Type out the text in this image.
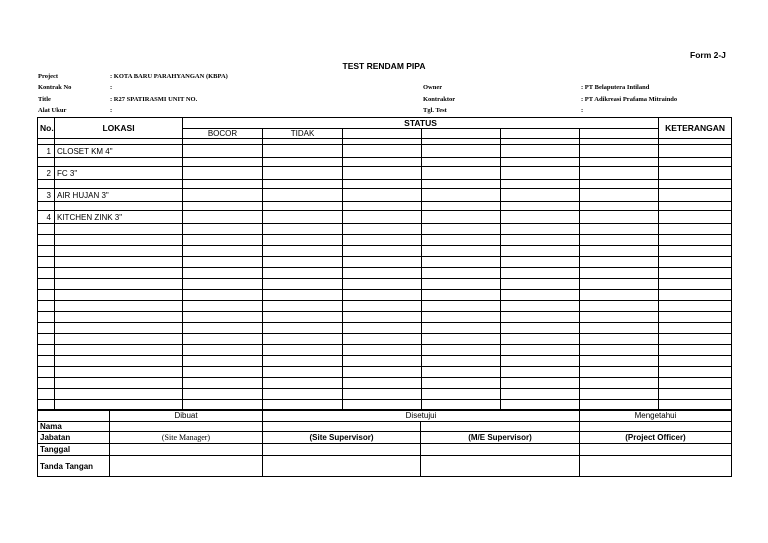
Form 2-J
TEST RENDAM PIPA
Project	: KOTA BARU PARAHYANGAN (KBPA)
Kontrak No	:
Title	: R27 SPATIRASMI UNIT NO.
Alat Ukur	:
Owner	: PT Belaputera Intiland
Kontraktor	: PT Adikreasi Prafama Mitraindo
Tgl. Test	:
No.	LOKASI	STATUS						KETERANGAN
		BOCOR	TIDAK					

1	CLOSET KM 4"							

2	FC 3"							

3	AIR HUJAN 3"							

4	KITCHEN ZINK 3"							

	Dibuat	Disetujui		Mengetahui
Nama				
Jabatan	(Site Manager)	(Site Supervisor)	(M/E Supervisor)	(Project Officer)
Tanggal				
Tanda Tangan				
